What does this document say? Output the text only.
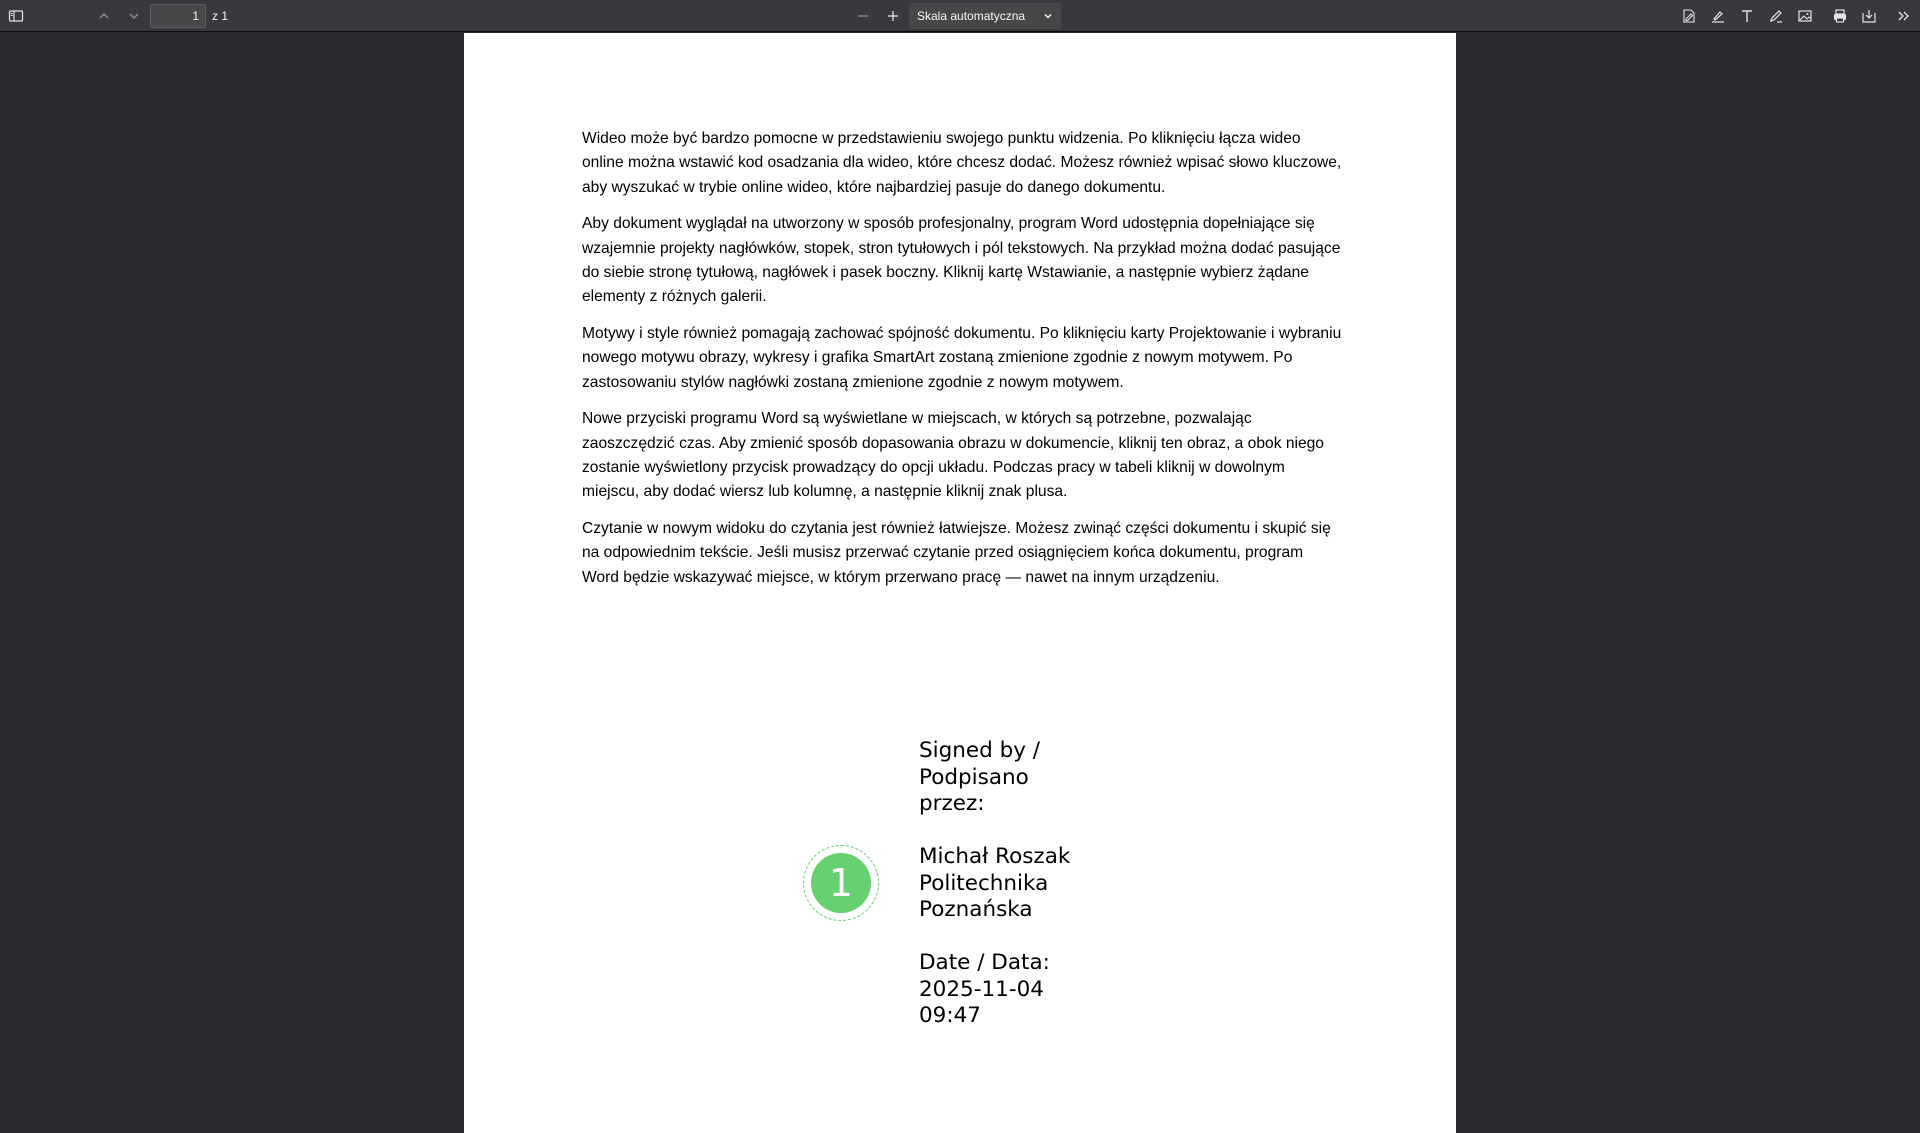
1
z 1	Skala automatyczna

Wideo może być bardzo pomocne w przedstawieniu swojego punktu widzenia. Po kliknięciu łącza wideo online można wstawić kod osadzania dla wideo, które chcesz dodać. Możesz również wpisać słowo kluczowe, aby wyszukać w trybie online wideo, które najbardziej pasuje do danego dokumentu.

Aby dokument wyglądał na utworzony w sposób profesjonalny, program Word udostępnia dopełniające się wzajemnie projekty nagłówków, stopek, stron tytułowych i pól tekstowych. Na przykład można dodać pasujące do siebie stronę tytułową, nagłówek i pasek boczny. Kliknij kartę Wstawianie, a następnie wybierz żądane elementy z różnych galerii.

Motywy i style również pomagają zachować spójność dokumentu. Po kliknięciu karty Projektowanie i wybraniu nowego motywu obrazy, wykresy i grafika SmartArt zostaną zmienione zgodnie z nowym motywem. Po zastosowaniu stylów nagłówki zostaną zmienione zgodnie z nowym motywem.

Nowe przyciski programu Word są wyświetlane w miejscach, w których są potrzebne, pozwalając zaoszczędzić czas. Aby zmienić sposób dopasowania obrazu w dokumencie, kliknij ten obraz, a obok niego zostanie wyświetlony przycisk prowadzący do opcji układu. Podczas pracy w tabeli kliknij w dowolnym miejscu, aby dodać wiersz lub kolumnę, a następnie kliknij znak plusa.

Czytanie w nowym widoku do czytania jest również łatwiejsze. Możesz zwinąć części dokumentu i skupić się na odpowiednim tekście. Jeśli musisz przerwać czytanie przed osiągnięciem końca dokumentu, program Word będzie wskazywać miejsce, w którym przerwano pracę — nawet na innym urządzeniu.

1
Signed by /
Podpisano
przez:

Michał Roszak
Politechnika
Poznańska

Date / Data:
2025-11-04
09:47
